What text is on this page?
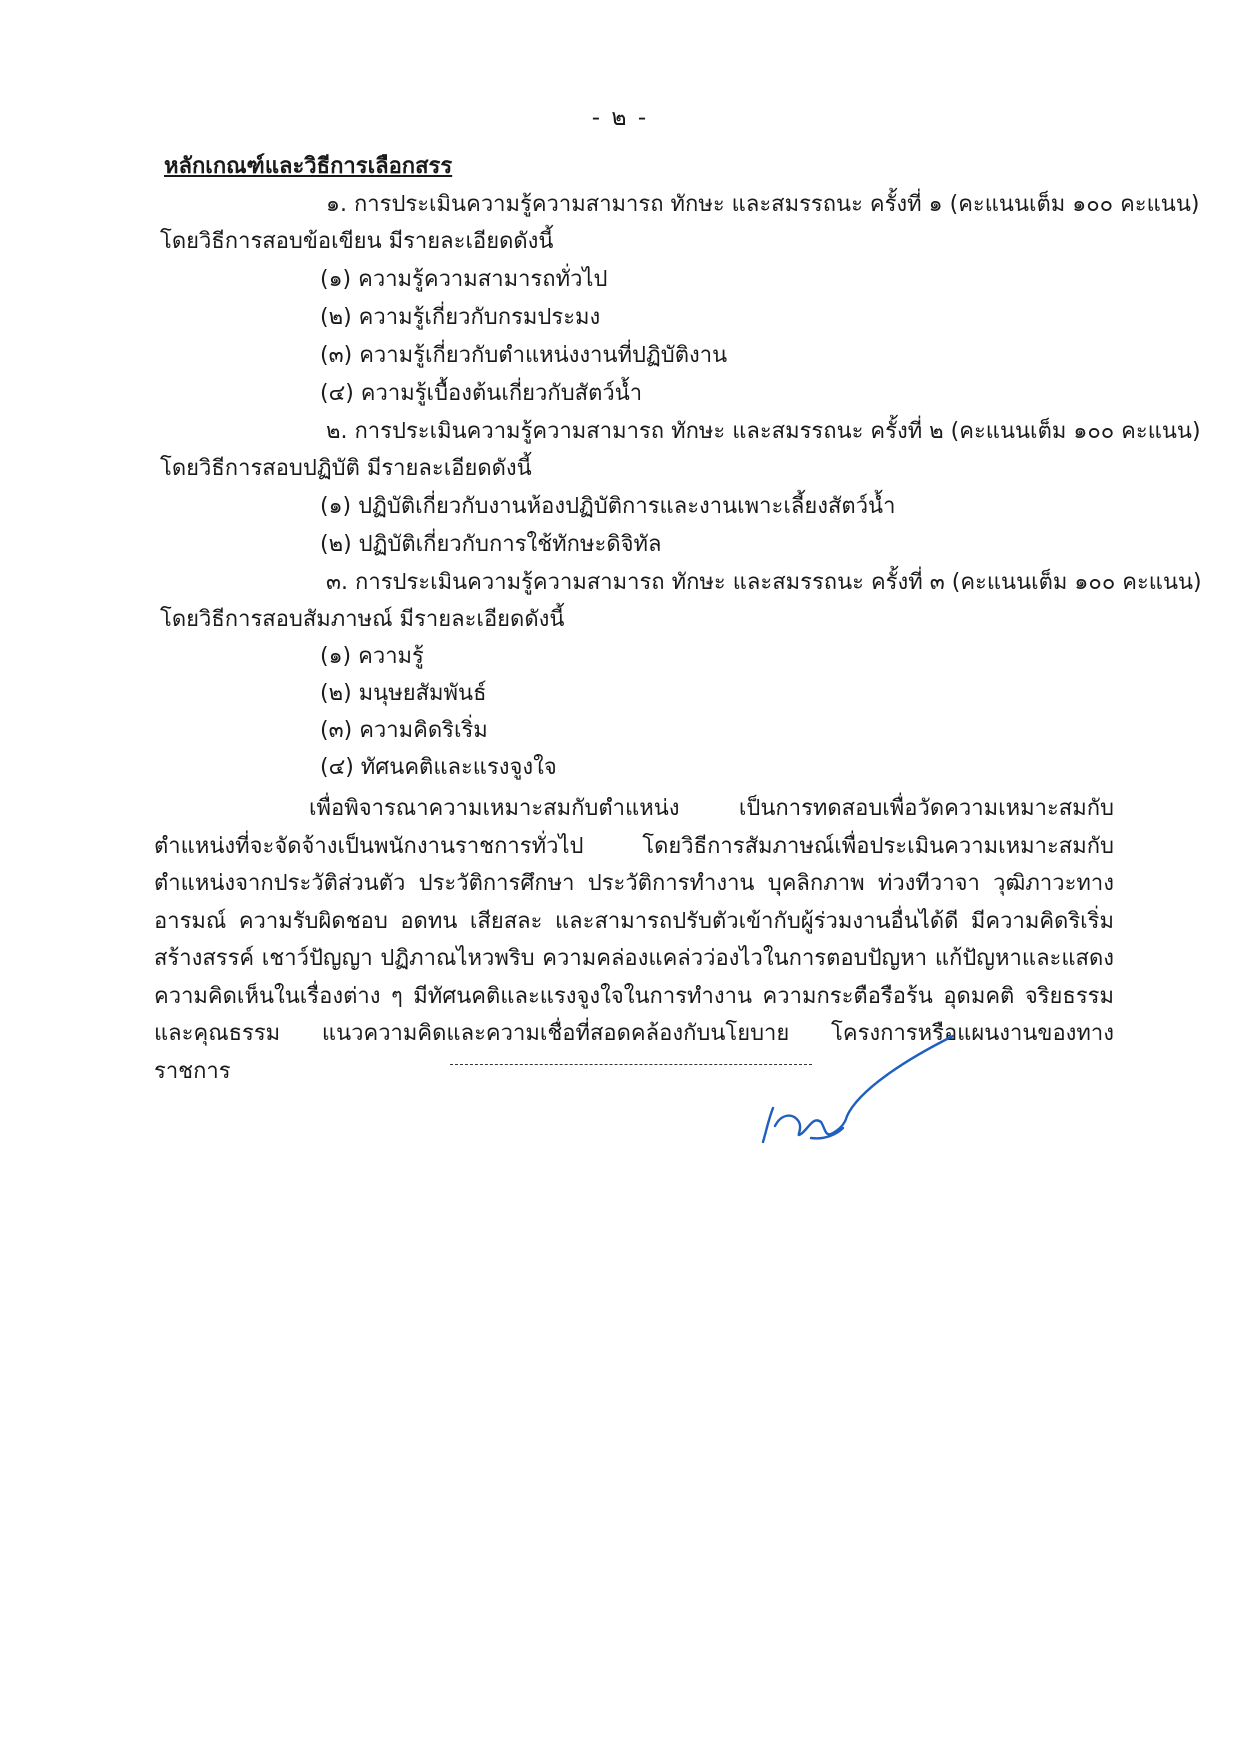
- ๒ -
หลักเกณฑ์และวิธีการเลือกสรร
๑. การประเมินความรู้ความสามารถ ทักษะ และสมรรถนะ ครั้งที่ ๑ (คะแนนเต็ม ๑๐๐ คะแนน)
โดยวิธีการสอบข้อเขียน มีรายละเอียดดังนี้
(๑) ความรู้ความสามารถทั่วไป
(๒) ความรู้เกี่ยวกับกรมประมง
(๓) ความรู้เกี่ยวกับตำแหน่งงานที่ปฏิบัติงาน
(๔) ความรู้เบื้องต้นเกี่ยวกับสัตว์น้ำ
๒. การประเมินความรู้ความสามารถ ทักษะ และสมรรถนะ ครั้งที่ ๒ (คะแนนเต็ม ๑๐๐ คะแนน)
โดยวิธีการสอบปฏิบัติ มีรายละเอียดดังนี้
(๑) ปฏิบัติเกี่ยวกับงานห้องปฏิบัติการและงานเพาะเลี้ยงสัตว์น้ำ
(๒) ปฏิบัติเกี่ยวกับการใช้ทักษะดิจิทัล
๓. การประเมินความรู้ความสามารถ ทักษะ และสมรรถนะ ครั้งที่ ๓ (คะแนนเต็ม ๑๐๐ คะแนน)
โดยวิธีการสอบสัมภาษณ์ มีรายละเอียดดังนี้
(๑) ความรู้
(๒) มนุษยสัมพันธ์
(๓) ความคิดริเริ่ม
(๔) ทัศนคติและแรงจูงใจ
เพื่อพิจารณาความเหมาะสมกับตำแหน่ง เป็นการทดสอบเพื่อวัดความเหมาะสมกับตำแหน่งที่จะจัดจ้างเป็นพนักงานราชการทั่วไป โดยวิธีการสัมภาษณ์เพื่อประเมินความเหมาะสมกับตำแหน่งจากประวัติส่วนตัว ประวัติการศึกษา ประวัติการทำงาน บุคลิกภาพ ท่วงทีวาจา วุฒิภาวะทางอารมณ์ ความรับผิดชอบ อดทน เสียสละ และสามารถปรับตัวเข้ากับผู้ร่วมงานอื่นได้ดี มีความคิดริเริ่มสร้างสรรค์ เชาว์ปัญญา ปฏิภาณไหวพริบ ความคล่องแคล่วว่องไวในการตอบปัญหา แก้ปัญหาและแสดงความคิดเห็นในเรื่องต่าง ๆ มีทัศนคติและแรงจูงใจในการทำงาน ความกระตือรือร้น อุดมคติ จริยธรรม และคุณธรรม แนวความคิดและความเชื่อที่สอดคล้องกับนโยบาย โครงการหรือแผนงานของทางราชการ
